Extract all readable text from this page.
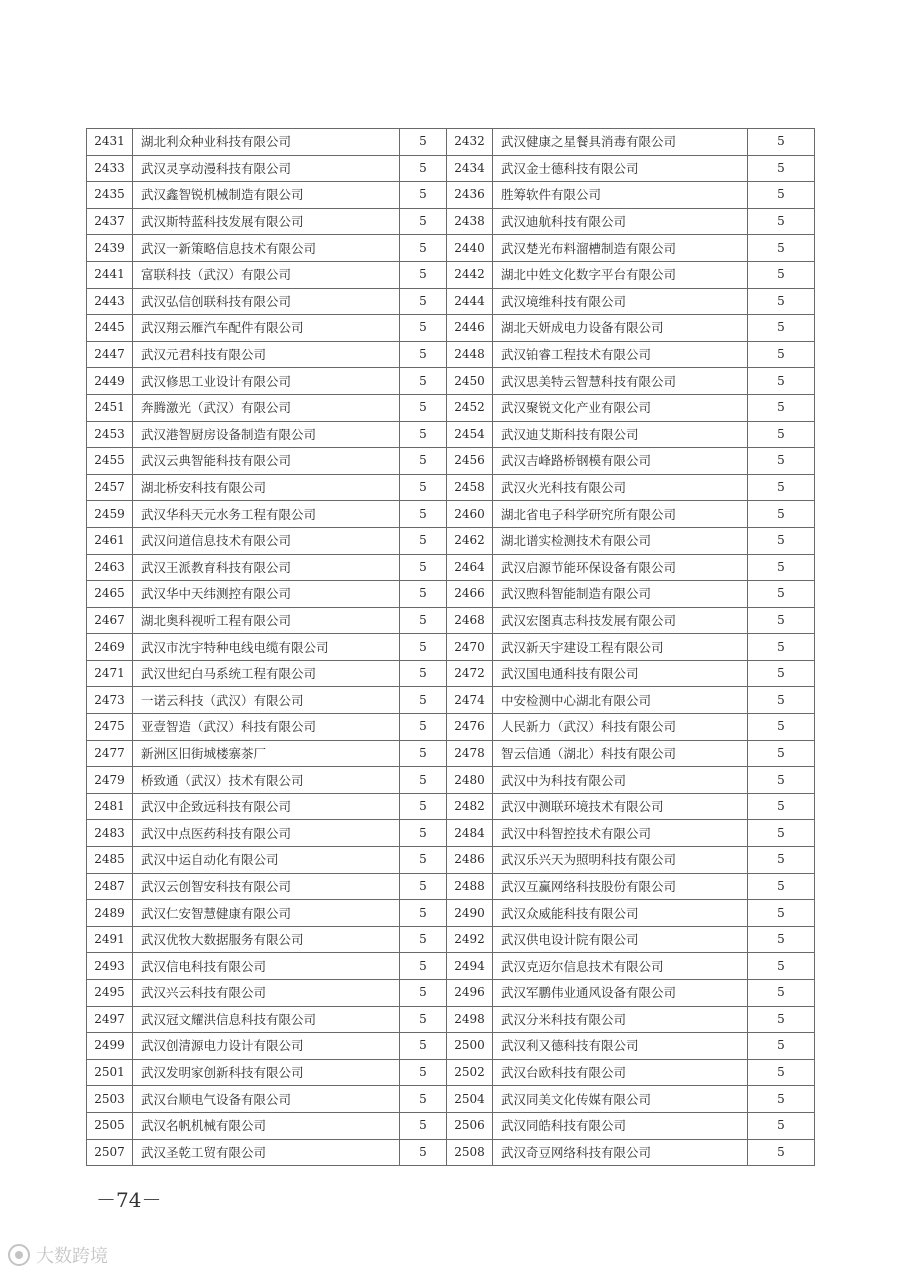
2431	湖北利众种业科技有限公司	5	2432	武汉健康之星餐具消毒有限公司	5
2433	武汉灵享动漫科技有限公司	5	2434	武汉金士德科技有限公司	5
2435	武汉鑫智锐机械制造有限公司	5	2436	胜筹软件有限公司	5
2437	武汉斯特蓝科技发展有限公司	5	2438	武汉迪航科技有限公司	5
2439	武汉一新策略信息技术有限公司	5	2440	武汉楚光布料溜槽制造有限公司	5
2441	富联科技（武汉）有限公司	5	2442	湖北中姓文化数字平台有限公司	5
2443	武汉弘信创联科技有限公司	5	2444	武汉境维科技有限公司	5
2445	武汉翔云雁汽车配件有限公司	5	2446	湖北天妍成电力设备有限公司	5
2447	武汉元君科技有限公司	5	2448	武汉铂睿工程技术有限公司	5
2449	武汉修思工业设计有限公司	5	2450	武汉思美特云智慧科技有限公司	5
2451	奔腾激光（武汉）有限公司	5	2452	武汉聚锐文化产业有限公司	5
2453	武汉港智厨房设备制造有限公司	5	2454	武汉迪艾斯科技有限公司	5
2455	武汉云典智能科技有限公司	5	2456	武汉吉峰路桥钢模有限公司	5
2457	湖北桥安科技有限公司	5	2458	武汉火光科技有限公司	5
2459	武汉华科天元水务工程有限公司	5	2460	湖北省电子科学研究所有限公司	5
2461	武汉问道信息技术有限公司	5	2462	湖北谱实检测技术有限公司	5
2463	武汉王派教育科技有限公司	5	2464	武汉启源节能环保设备有限公司	5
2465	武汉华中天纬测控有限公司	5	2466	武汉煦科智能制造有限公司	5
2467	湖北奥科视听工程有限公司	5	2468	武汉宏图真志科技发展有限公司	5
2469	武汉市沈宇特种电线电缆有限公司	5	2470	武汉新天宇建设工程有限公司	5
2471	武汉世纪白马系统工程有限公司	5	2472	武汉国电通科技有限公司	5
2473	一诺云科技（武汉）有限公司	5	2474	中安检测中心湖北有限公司	5
2475	亚壹智造（武汉）科技有限公司	5	2476	人民新力（武汉）科技有限公司	5
2477	新洲区旧街城楼寨茶厂	5	2478	智云信通（湖北）科技有限公司	5
2479	桥致通（武汉）技术有限公司	5	2480	武汉中为科技有限公司	5
2481	武汉中企致远科技有限公司	5	2482	武汉中测联环境技术有限公司	5
2483	武汉中点医药科技有限公司	5	2484	武汉中科智控技术有限公司	5
2485	武汉中运自动化有限公司	5	2486	武汉乐兴天为照明科技有限公司	5
2487	武汉云创智安科技有限公司	5	2488	武汉互赢网络科技股份有限公司	5
2489	武汉仁安智慧健康有限公司	5	2490	武汉众威能科技有限公司	5
2491	武汉优牧大数据服务有限公司	5	2492	武汉供电设计院有限公司	5
2493	武汉信电科技有限公司	5	2494	武汉克迈尔信息技术有限公司	5
2495	武汉兴云科技有限公司	5	2496	武汉军鹏伟业通风设备有限公司	5
2497	武汉冠文耀洪信息科技有限公司	5	2498	武汉分米科技有限公司	5
2499	武汉创清源电力设计有限公司	5	2500	武汉利又德科技有限公司	5
2501	武汉发明家创新科技有限公司	5	2502	武汉台欧科技有限公司	5
2503	武汉台顺电气设备有限公司	5	2504	武汉同美文化传媒有限公司	5
2505	武汉名帆机械有限公司	5	2506	武汉同皓科技有限公司	5
2507	武汉圣乾工贸有限公司	5	2508	武汉奇豆网络科技有限公司	5
－74－
大数跨境
